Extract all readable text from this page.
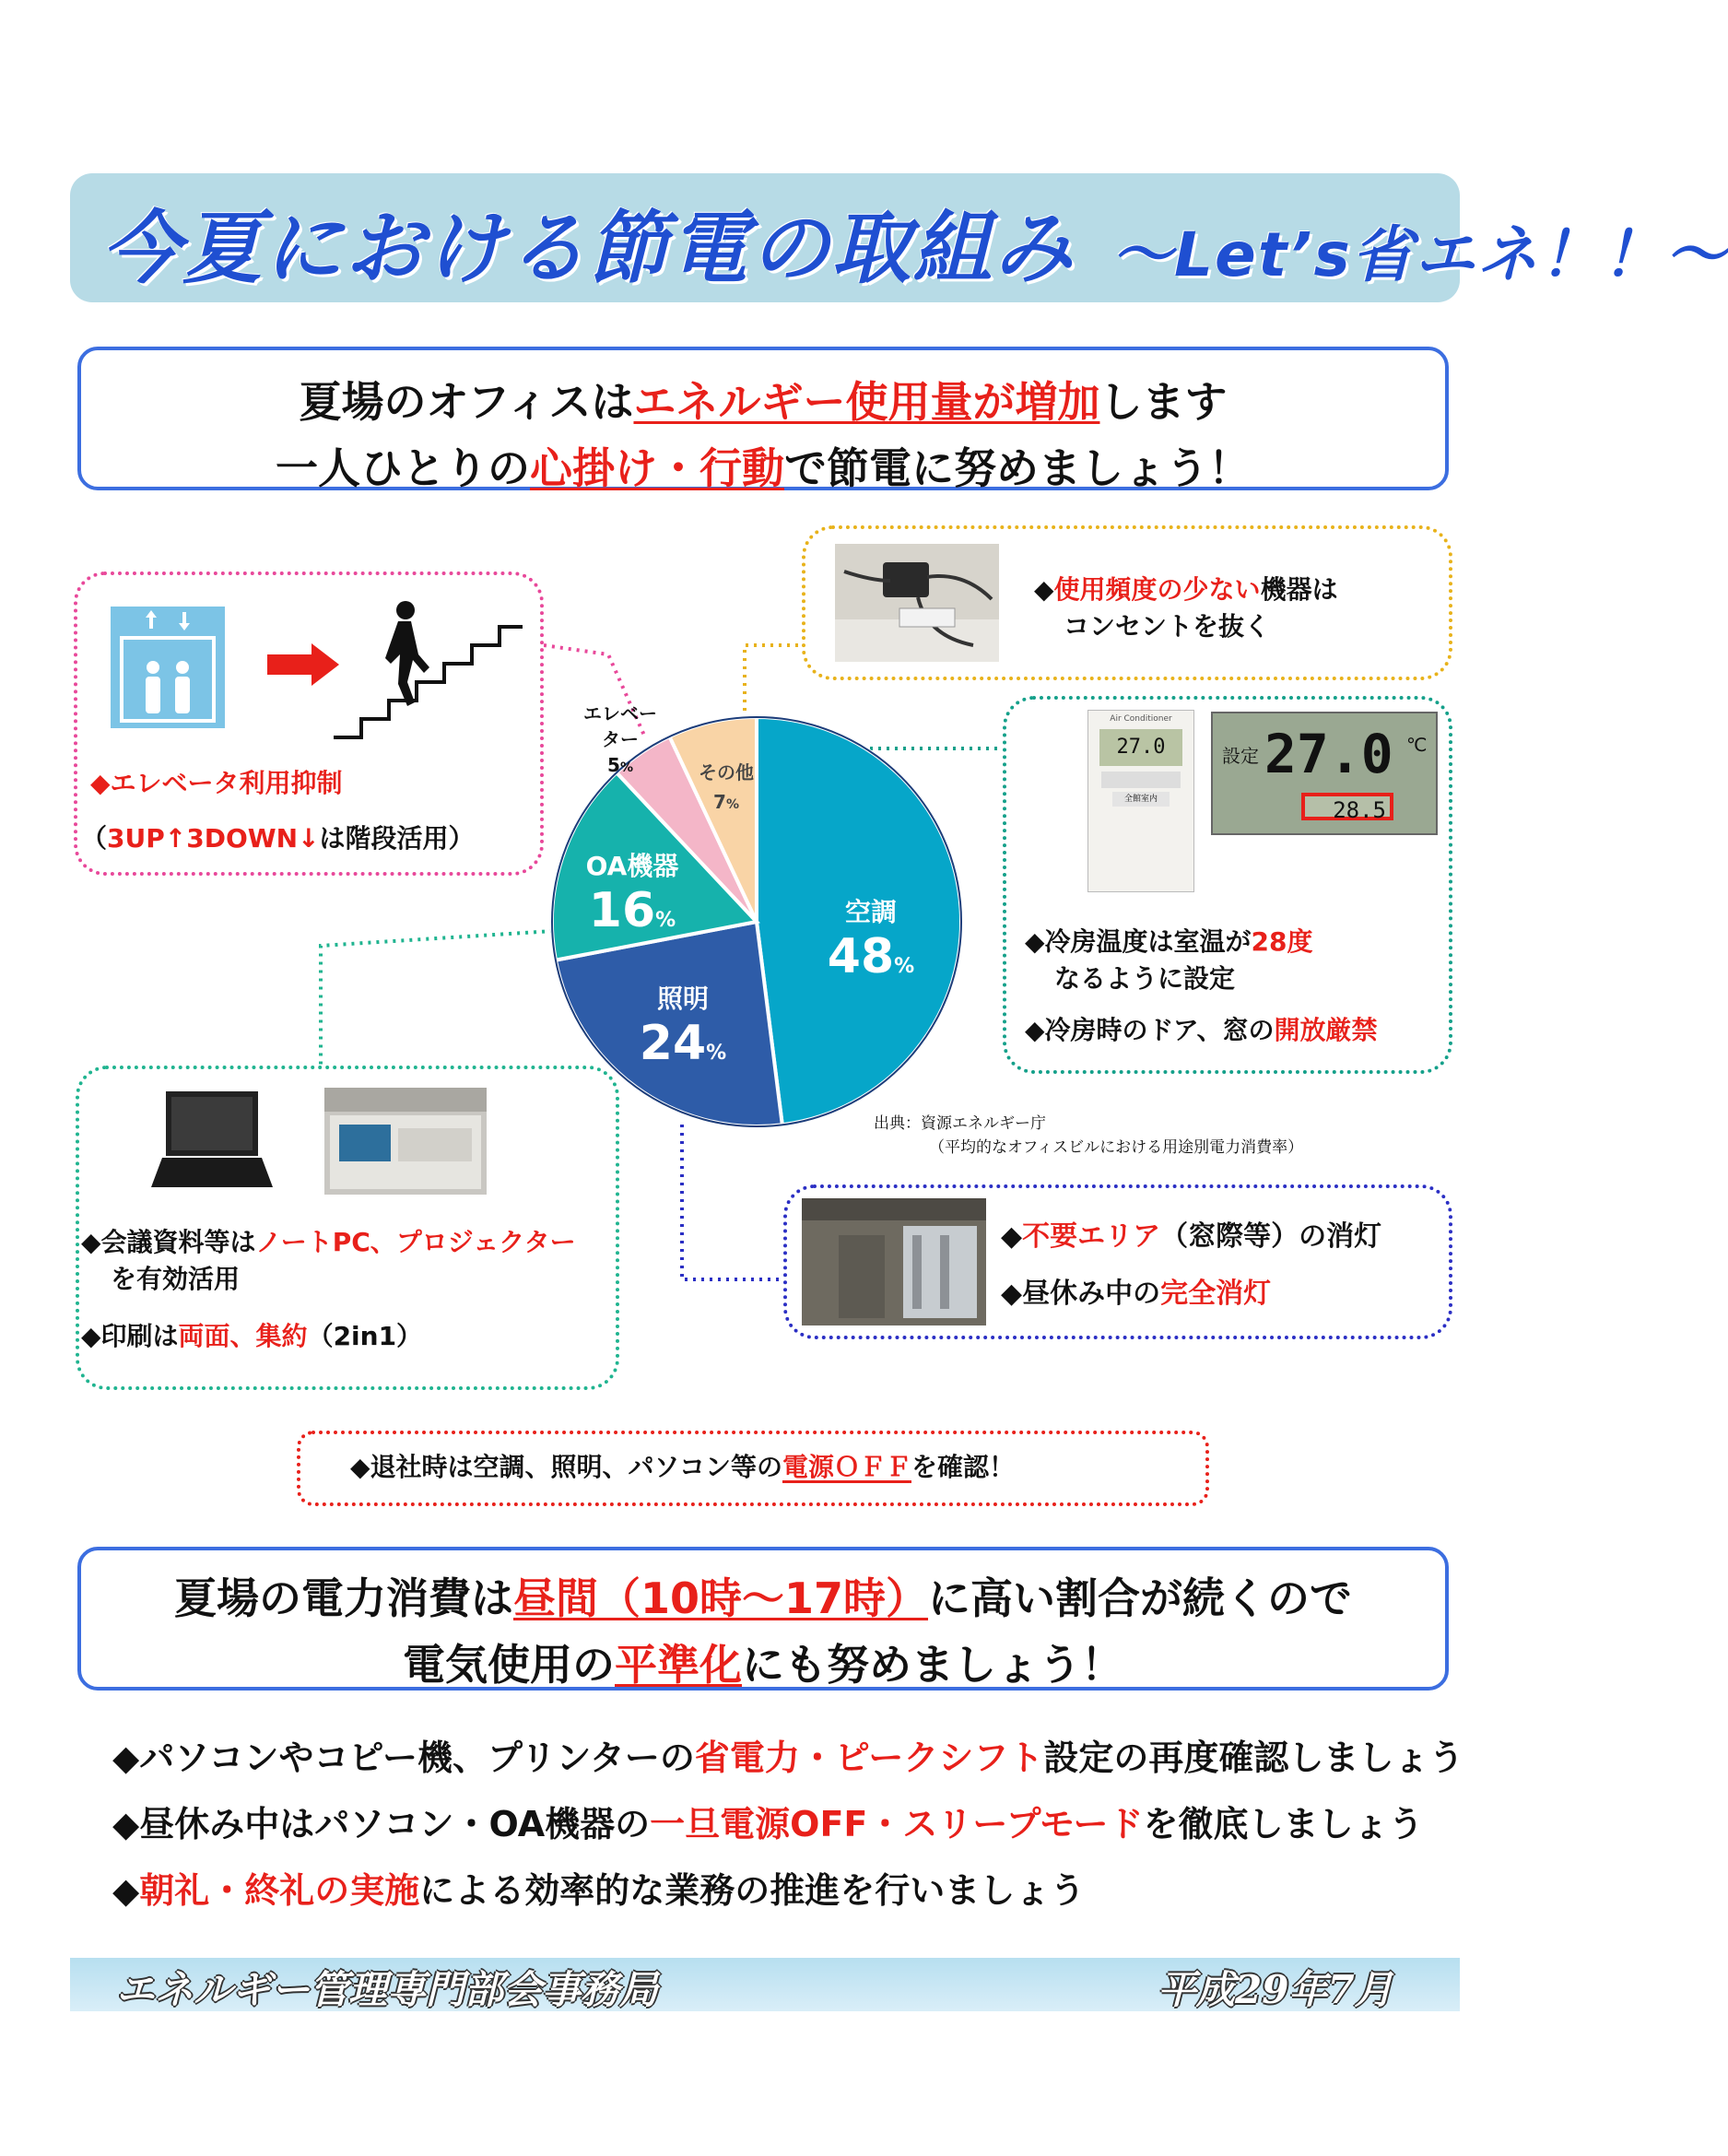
今夏における節電の取組み ～Let’s省エネ！！～
夏場のオフィスはエネルギー使用量が増加します
一人ひとりの心掛け・行動で節電に努めましょう！
◆エレベータ利用抑制
（3UP↑3DOWN↓は階段活用）
◆使用頻度の少ない機器は
コンセントを抜く
Air Conditioner
27.0
全館室内
設定 27.0 ℃
28.5
◆冷房温度は室温が28度
なるように設定
◆冷房時のドア、窓の開放厳禁
エレベーター
5%	その他
7%
OA機器
16%	空調
48%
照明
24%
出典：資源エネルギー庁
（平均的なオフィスビルにおける用途別電力消費率）
◆会議資料等はノートPC、プロジェクター
を有効活用
◆印刷は両面、集約（2in1）
◆不要エリア（窓際等）の消灯
◆昼休み中の完全消灯
◆退社時は空調、照明、パソコン等の電源ＯＦＦを確認！
夏場の電力消費は昼間（10時～17時）に高い割合が続くので
電気使用の平準化にも努めましょう！
◆パソコンやコピー機、プリンターの省電力・ピークシフト設定の再度確認しましょう
◆昼休み中はパソコン・OA機器の一旦電源OFF・スリープモードを徹底しましょう
◆朝礼・終礼の実施による効率的な業務の推進を行いましょう
エネルギー管理専門部会事務局	平成29年7月
